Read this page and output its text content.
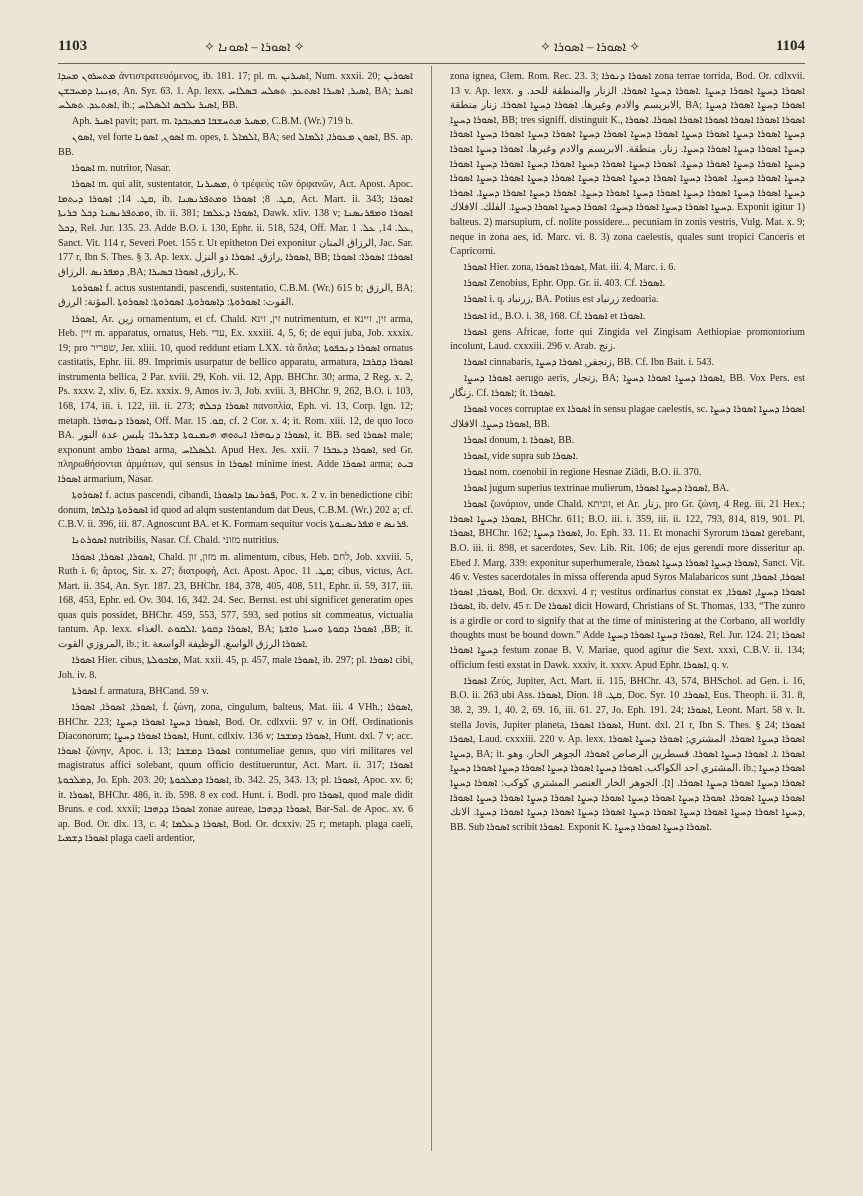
1103	✧ ܐܣܘܪܐ – ܐܣܘܢܐ ✧	✧ ܐܣܘܪܐ – ܐܣܘܪܐ ✧	1104

ܡܬܚܪܘܢ ܡܚܕܐ ἀντιστρατευόμενος, ib. 181. 17; pl. m. ܐܣܝܪܝܢ, Num. xxxii. 20; ܐܣܘܪܝܢ ܘܙܝܢܐ ܕܡܚܒܫܢ, An. Syr. 63. 1. Ap. lexx. ܐܣܝܪ, ܐܣܝܪܐ ܐܣܬܥܕ. ܬܣܠܚ ܒܣܠܐܚ, BA; ܐܣܝܪ ܐܣܬܥܕ. ܬܣܠܚ, ib.; ܐܣܝܪ ܝܠܒܣ ܐܠܣܠܐܚ, BB.

Aph. ܐܣܝܪ pavit; part. m. ܡܣܝܪ ܡܬܚܫܒܐ ܒܡܥܒܕܐ, C.B.M. (Wr.) 719 b.

ܐܣܘܢ, vel forte ܐܣܘܢ, ܐܣܘܢܐ m. opes, ܐܠܡܐܠ .ܐ, BA; sed ܐܣܘܢ ܡܥܘܪܐ, ܐܠܡܐܠ, BS. ap. BB.

ܐܣܘܪܐ m. nutritor, Nasar.

ܐܣܘܪܐ m. qui alit, sustentator, ܡܣܝܪܢܐ, ὁ τρέφεὺς τῶν ὀρφανῶν, Act. Apost. Apoc. ܩܛ. 14; ܐܣܘܪܐ ܕܝܬܡܐ, ib. ܩܛ. 8; ܐܣܘܪܐ ܘܡܬܦܪܢܣܢܐ, Act. Mart. ii. 343; ܐܣܘܪܐ ܘܡܬܦܪܢܣܢܐ ܕܟܠ ܒܪܝܬܐ, ib. ii. 381; ܐܣܘܪܐ ܕܥܠܡܐ, Dawk. xliv. 138 v; ܐܣܘܪܐ ܘܡܦܪܢܣܢܐ ܕܟܠ, Rel. Jur. 135. 23. Adde B.O. i. 130, Ephr. ii. 518, 524, Off. Mar. ܥܠ. 14, ܥܠ. 1, Sanct. Vit. 114 r, Severi Poet. 155 r. Ut epitheton Dei exponitur الرزاق المنان, Jac. Sar. 177 r, Ibn S. Thes. § 3. Ap. lexx. ܐܣܘܪܐ ,رازق. ܐܣܘܪܐ ذو النزل, BB; ܐܣܘܪܐ: ܐܣܘܪܐ: ܐܣܘܪܐ ܕܡܦܪܢܣ .الرزاق ,BA; رازق, ܐܣܘܪܐ ܒܣܝܪܐ, K.

ܐܣܘܪܘܬܐ f. actus sustentandi, pascendi, sustentatio, C.B.M. (Wr.) 615 b; الرزق, BA; القوت: ܐܣܘܪܘܬܐ: ܕܐܣܘܪܘܬܐ. ܐܣܘܪܘܬܐ: ܐܣܘܪܘܬܐ .المؤنة: الرزق.

ܐܣܘܪܐ, Ar. زين ornamentum, et cf. Chald. זין, זינא nutrimentum, et זין, זיינא arma, Heb. זיין m. apparatus, ornatus, Heb. עדי, Ex. xxxiii. 4, 5, 6; de equi juba, Job. xxxix. 19; pro שפריר, Jer. xliii. 10, quod reddunt etiam LXX. τὰ ὅπλα; ܐܣܘܪܐ ܕܢܟܦܘܬܐ ornatus castitatis, Ephr. iii. 89. Imprimis usurpatur de bellico apparatu, armatura, ܐܣܘܪܐ ܕܩܪܒܐ instrumenta bellica, 2 Par. xviii. 29, Koh. vii. 12, App. BHChr. 30; arma, 2 Reg. x. 2, Ps. xxxv. 2, xliv. 6, Ez. xxxix. 9, Amos iv. 3, Job. xviii. 3, BHChr. 9, 262, B.O. i. 103, 168, 174, iii. i. 122, iii. ii. 273; ܐܣܘܪܐ ܕܟܠܗ πανοπλία, Eph. vi. 13, Corp. Ign. 12; metaph. ܐܣܘܪܐ ܕܢܘܗܪܐ, Off. Mar. ܩܘ. 15, cf. 2 Cor. x. 4; it. Rom. xiii. 12, de quo loco BA. ܐܣܘܪܐ ܕܢܘܗܪܐ ܐܝܬܘܗܝ ܗܝܡܢܘܬܐ ܕܫܪܝܪܐ: يلبس عدة النور, it. BB. sed ܐܣܘܪܐ male; exponunt ambo ܐܣܘܪܐ arma, ܐܠܣܠܐܚ. Apud Hex. Jes. xxii. 7 ܐܣܘܪܐ ܕܥܒܪܐ, sed Gr. πληρωθήσονται ἁρμάτων, qui sensus in ܐܣܘܪܐ minime inest. Adde ܐܣܘܪܐ arma; ܒܝܬ ܐܣܘܪܐ armarium, Nasar.

ܐܣܘܪܘܬܐ f. actus pascendi, cibandi, ܦܘܪܢܣܐ ܕܐܣܘܪܐ, Poc. x. 2 v. in benedictione cibi: donum, ܐܣܘܪܘܬܐ ܕܐܠܗܐ id quod ad alqm sustentandum dat Deus, C.B.M. (Wr.) 202 a; cf. C.B.V. ii. 396, iii. 87. Agnoscunt BA. et K. Formam sequitur vocis ܡܦܪܢܣܢܘܬܐ e ܦܪܢܣ.

ܐܣܘܪܬܢܐ nutribilis, Nasar. Cf. Chald. מזוני nutritius.

ܐܣܘܪܐ, ܐܣܘܪܐ, ܐܣܘܪܐ, Chald. מזון, זון m. alimentum, cibus, Heb. לחם, Job. xxviii. 5, Ruth i. 6; ἄρτος, Sir. x. 27; διατροφή, Act. Apost. Apoc. ܩܛ. 11; cibus, victus, Act. Mart. ii. 354, An. Syr. 187. 23, BHChr. 184, 378, 405, 408, 511, Ephr. ii. 59, 317, iii. 168, 453, Ephr. ed. Ov. 304. 16, 342. 24. Sec. Bernst. est ubi significet generatim opes quas quis possidet, BHChr. 459, 553, 577, 593, sed potius sit commeatus, victualia tantum. Ap. lexx. ܐܣܘܪܐ ܕܩܘܬܐ .ܐܠܩܘܬ .الغذاء, BA; ܐܣܘܪܐ ܕܩܘܬܐ ܘܚܝܬܐ ܘܐܫܬܐ ,BB; it. المروزي القوت, ib.; it. ܐܣܘܪܐ الرزق الواسع. الوظيفة الواسعة.

ܐܣܘܪܐ Hier. cibus, ܡܐܟܘܠܬܐ, Mat. xxii. 45, p. 457, male ܐܣܘܪܐ, ib. 297; pl. ܐܣܘܪܐ cibi, Joh. iv. 8.

ܐܣܘܪܬܐ f. armatura, BHCand. 59 v.

ܐܣܘܪܐ, ܐܣܘܪܐ, ܐܣܘܪܐ, f. ζώνη, zona, cingulum, balteus, Mat. iii. 4 VHh.; ܐܣܘܪܐ, BHChr. 223; ܐܣܘܪܐ ܕܚܨܐ ܐܣܘܪܐ ܕܚܨܐ, Bod. Or. cdlxvii. 97 v. in Off. Ordinationis Diaconorum; ܐܣܘܪܐ ܐܣܘܪܐ ܕܚܨܐ, Hunt. cdlxiv. 136 v; ܐܣܘܪܐ ܕܡܫܟܐ, Hunt. dxl. 7 v; acc. ܐܣܘܪܐ ζώνην, Apoc. i. 13; ܐܣܘܪܐ ܕܡܫܟܐ contumeliae genus, quo viri militares vel magistratus affici solebant, quum officio destitueruntur, Act. Mart. ii. 317; ܐܣܘܪܐ ܕܡܠܟܘܬܐ, Jo. Eph. 203. 20; ܐܣܘܪܐ ܕܡܠܟܘܬܐ, ib. 342. 25, 343. 13; pl. ܐܣܘܪܐ, Apoc. xv. 6; it. ܐܣܘܪܐ, BHChr. 486, it. ib. 598. 8 ex cod. Hunt. i. Bodl. pro ܐܣܘܪܐ, quod male didit Bruns. e cod. xxxii; ܐܣܘܪܐ ܕܕܗܒܐ zonae aureae, ܐܣܘܪܐ ܕܕܗܒܐ, Bar-Sal. de Apoc. xv. 6 ap. Bod. Or. dlx. 13, c. 4; ܐܣܘܪܐ ܕܥܠܡܐ, Bod. Or. dcxxiv. 25 r; metaph. plaga caeli, ܐܣܘܪܐ ܕܫܡܝܐ plaga caeli ardentior,

zona ignea, Clem. Rom. Rec. 23. 3; ܐܣܘܪܐ ܕܢܘܪܐ zona terrae torrida, Bod. Or. cdlxvii. 13 v. Ap. lexx. ܐܣܘܪܐ ܕܚܨܐ ܐܣܘܪܐ ܕܚܨܐ .ܐܣܘܪܐ ܕܚܨܐ ܐܣܘܪܐ. الزنار والمنطقة للحد. و الابريسم والادم وغيرها. ܐܣܘܪܐ ܕܚܨܐ ܐܣܘܪܐ. زنار منطقة, BA; ܐܣܘܪܐ ܕܚܨܐ ܐܣܘܪܐ ܕܚܨܐ ܐܣܘܪܐ ܕܚܨܐ, BB; tres signiff. distinguit K., ܐܣܘܪܐ ܐܣܘܪܐ ܐܣܘܪܐ ܐܣܘܪܐ ܐܣܘܪܐ ܐܣܘܪܐ. ܐܣܘܪܐ ܕܚܨܐ ܐܣܘܪܐ ܕܚܨܐ ܐܣܘܪܐ ܕܚܨܐ ܐܣܘܪܐ ܕܚܨܐ ܐܣܘܪܐ ܕܚܨܐ ܐܣܘܪܐ ܕܚܨܐ ܐܣܘܪܐ ܕܚܨܐ ܐܣܘܪܐ ܕܚܨܐ ܐܣܘܪܐ ܕܚܨܐ ܐܣܘܪܐ ܕܚܨܐ. زنار. منطقة. الابريسم والادم وغيرها. ܐܣܘܪܐ ܕܚܨܐ ܐܣܘܪܐ ܕܚܨܐ ܐܣܘܪܐ ܕܚܨܐ ܐܣܘܪܐ ܕܚܨܐ. ܐܣܘܪܐ ܕܚܨܐ ܐܣܘܪܐ ܕܚܨܐ ܐܣܘܪܐ ܕܚܨܐ ܐܣܘܪܐ ܕܚܨܐ ܐܣܘܪܐ ܕܚܨܐ ܐܣܘܪܐ ܕܚܨܐ. ܐܣܘܪܐ ܕܚܨܐ ܐܣܘܪܐ ܕܚܨܐ ܐܣܘܪܐ ܕܚܨܐ ܐܣܘܪܐ ܕܚܨܐ ܐܣܘܪܐ ܕܚܨܐ ܐܣܘܪܐ ܕܚܨܐ ܐܣܘܪܐ ܕܚܨܐ ܐܣܘܪܐ ܕܚܨܐ ܐܣܘܪܐ ܕܚܨܐ ܐܣܘܪܐ ܕܚܨܐ. ܐܣܘܪܐ ܕܚܨܐ ܐܣܘܪܐ ܕܚܨܐ. ܐܣܘܪܐ ܕܚܨܐ ܐܣܘܪܐ ܕܚܨܐ ܐܣܘܪܐ ܕܚܨܐ: ܐܣܘܪܐ ܕܚܨܐ ܐܣܘܪܐ ܕܚܨܐ. الفلك. الافلاك. Exponit igitur 1) balteus. 2) marsupium, cf. nolite possidere... pecuniam in zonis vestris, Vulg. Mat. x. 9; neque in zona aes, id. Marc. vi. 8. 3) zona caelestis, quales sunt tropici Canceris et Capricorni.

ܐܣܘܪܐ Hier. zona, ܐܣܘܪܐ ܐܣܘܪܐ, Mat. iii. 4, Marc. i. 6.

ܐܣܘܪܐ Zenobius, Ephr. Opp. Gr. ii. 403. Cf. ܐܣܘܪܐ.

ܐܣܘܪܐ i. q. زرنباد, BA. Potius est زرنباد zedoaria.

ܐܣܘܪܐ id., B.O. i. 38, 168. Cf. ܐܣܘܪܐ et ܐܣܘܪܐ.

ܐܣܘܪܐ gens Africae, forte qui Zingida vel Zingisam Aethiopiae promontorium incolunt, Laud. cxxxiii. 296 v. Arab. زنج.

ܐܣܘܪܐ cinnabaris, زنجفر, ܐܣܘܪܐ ܕܚܨܐ, BB. Cf. Ibn Bait. i. 543.

ܐܣܘܪܐ ܕܚܨܐ aerugo aeris, زنجار, BA; ܐܣܘܪܐ ܕܚܨܐ ܐܣܘܪܐ ܕܚܨܐ, BB. Vox Pers. est زنگار. Cf. ܐܣܘܪܐ; it. ܐܣܘܪܐ.

ܐܣܘܪܐ voces corruptae ex ܐܣܘܪܐ in sensu plagae caelestis, sc. ܐܣܘܪܐ ܕܚܨܐ ܐܣܘܪܐ ܕܚܨܐ ܐܣܘܪܐ ܕܚܨܐ. الافلاك, BB.

ܐܣܘܪܐ donum, ܐܣܘܪܐ .ܐ, BB.

ܐܣܘܪܐ, vide supra sub ܐܣܘܪܐ.

ܐܣܘܪܐ nom. coenobii in regione Hesnae Ziâdi, B.O. ii. 370.

ܐܣܘܪܐ jugum superius textrinae mulierum, ܐܣܘܪܐ ܕܚܨܐ ܐܣܘܪܐ, BA.

ܐܣܘܪܐ ζωνάριον, unde Chald. זוניתא, et Ar. زنار, pro Gr. ζώνη, 4 Reg. iii. 21 Hex.; ܐܣܘܪܐ ܕܚܨܐ ܐܣܘܪܐ, BHChr. 611; B.O. iii. i. 359, iii. ii. 122, 793, 814, 819, 901. Pl. ܐܣܘܪܐ, BHChr. 162; ܐܣܘܪܐ ܕܚܨܐ, Jo. Eph. 33. 11. Et monachi Syrorum ܐܣܘܪܐ gerebant, B.O. iii. ii. 898, et sacerdotes, Sev. Lib. Rit. 106; de ejus gerendi more disseritur ap. Ebed J. Marg. 339: exponitur superhumerale, ܐܣܘܪܐ ܕܚܨܐ ܐܣܘܪܐ ܕܚܨܐ ܐܣܘܪܐ, Sanct. Vit. 46 v. Vestes sacerdotales in missa offerenda apud Syros Malabaricos sunt ܐܣܘܪܐ, ܐܣܘܪܐ, ܐܣܘܪܐ, ܐܣܘܪܐ, Bod. Or. dcxxvi. 4 r; vestitus ordinarius constat ex ܐܣܘܪܐ ܕܚܨܐ, ܐܣܘܪܐ, ܐܣܘܪܐ, ib. delv. 45 r. De ܐܣܘܪܐ dicit Howard, Christians of St. Thomas, 133, “The zunro is a girdle or cord to signify that at the time of ministering at the Corbano, all worldly thoughts must be bound down.” Adde ܐܣܘܪܐ ܕܚܨܐ ܐܣܘܪܐ ܕܚܨܐ, Rel. Jur. 124. 21; ܐܣܘܪܐ ܕܚܨܐ ܐܣܘܪܐ festum zonae B. V. Mariae, quod agitur die Sext. xxxi, C.B.V. ii. 134; officium festi exstat in Dawk. xxxiv, it. xxxv. Apud Ephr. ܐܣܘܪܐ, q. v.

ܐܣܘܪܐ Ζεύς, Jupiter, Act. Mart. ii. 115, BHChr. 43, 574, BHSchol. ad Gen. i. 16, B.O. ii. 263 ubi Ass. ܐܣܘܪܐ, Dion. ܩܛ. 18, Doc. Syr. ܐܣܘܪܐ. 10, Eus. Theoph. ii. 31. 8, 38. 2, 39. 1, 40. 2, 69. 16, iii. 61. 27, Jo. Eph. 191. 24; ܐܣܘܪܐ, Leont. Mart. 58 v. It. stella Jovis, Jupiter planeta, ܐܣܘܪܐ ܐܣܘܪܐ, Hunt. dxl. 21 r, Ibn S. Thes. § 24; ܐܣܘܪܐ ܐܣܘܪܐ, Laud. cxxxiii. 220 v. Ap. lexx. ܐܣܘܪܐ ܕܚܨܐ ܐܣܘܪܐ. المشتري; ܐܣܘܪܐ ܕܚܨܐ ܐܣܘܪܐ ܕܚܨܐ, BA; it. ܐܣܘܪܐ .ܐ. ܐܣܘܪܐ ܕܚܨܐ ܐܣܘܪܐ. قسطرين الرصاص ܐܣܘܪܐ. الجوهر الخار. وهو المشتري احد الكواكب. ܐܣܘܪܐ ܕܚܨܐ ܐܣܘܪܐ ܕܚܨܐ ܐܣܘܪܐ ܕܚܨܐ ܐܣܘܪܐ ܕܚܨܐ. ib.; ܐܣܘܪܐ ܕܚܨܐ ܐܣܘܪܐ ܕܚܨܐ ܐܣܘܪܐ ܕܚܨܐ ܐܣܘܪܐ. [ܐ]. الجوهر الخار العنصر المشتري كوكب: ܐܣܘܪܐ ܕܚܨܐ ܐܣܘܪܐ ܕܚܨܐ ܐܣܘܪܐ. ܐܣܘܪܐ ܕܚܨܐ ܐܣܘܪܐ ܕܚܨܐ ܐܣܘܪܐ ܕܚܨܐ ܐܣܘܪܐ ܕܚܨܐ ܐܣܘܪܐ ܕܚܨܐ ܐܣܘܪܐ ܕܚܨܐ ܐܣܘܪܐ ܕܚܨܐ ܐܣܘܪܐ ܕܚܨܐ ܐܣܘܪܐ ܕܚܨܐ ܐܣܘܪܐ ܕܚܨܐ ܐܣܘܪܐ ܕܚܨܐ ܐܣܘܪܐ ܕܚܨܐ. الانك, BB. Sub ܐܣܘܪܐ scribit ܐܣܘܪܐ. Exponit K. ܐܣܘܪܐ ܕܚܨܐ ܐܣܘܪܐ ܕܚܨܐ.
